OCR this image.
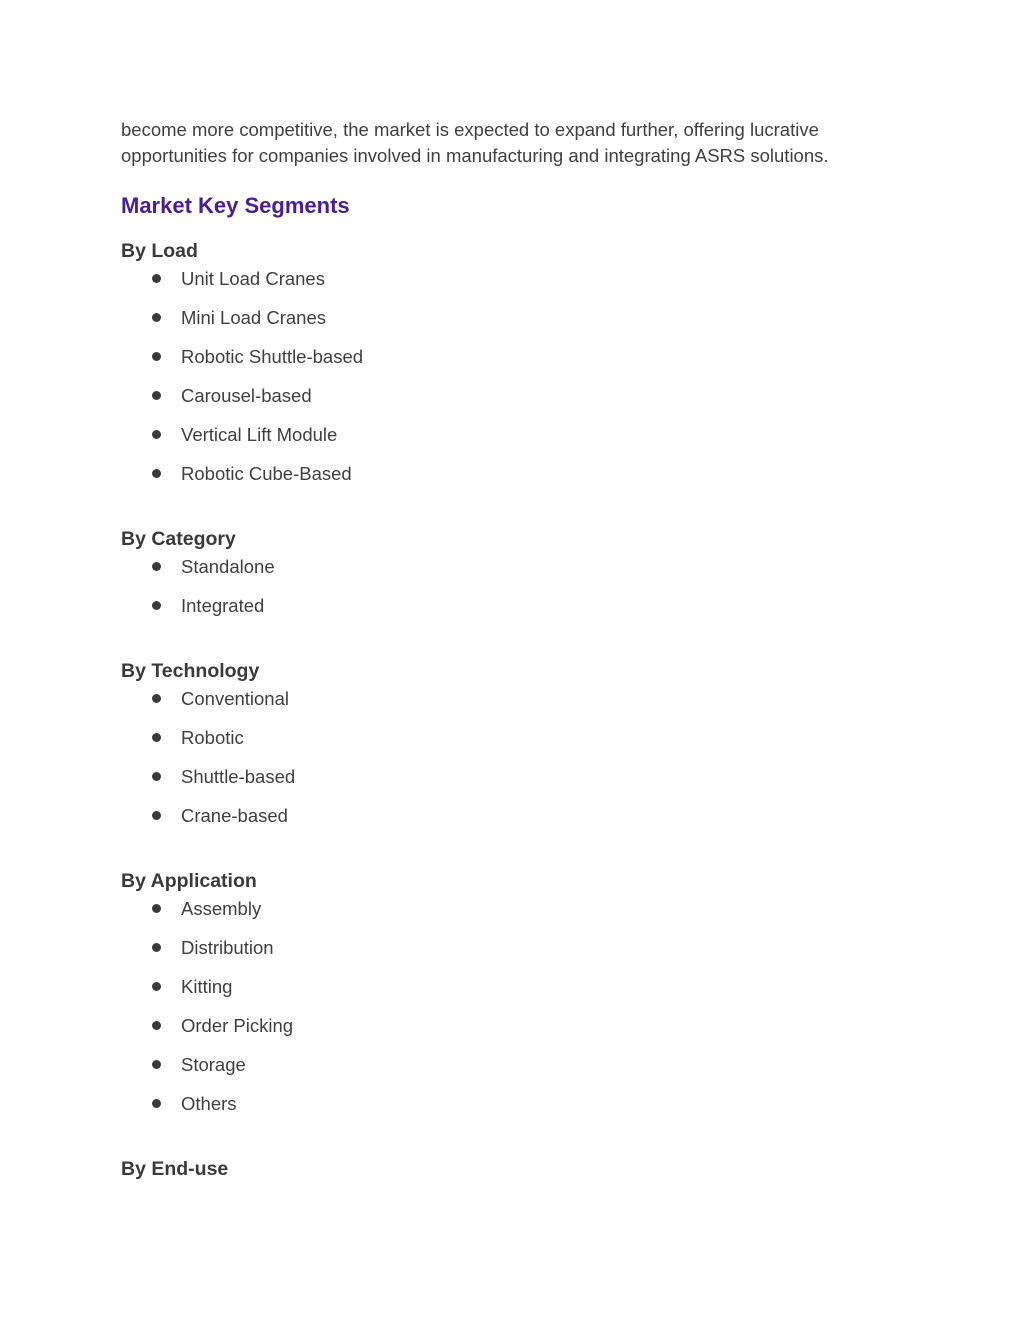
become more competitive, the market is expected to expand further, offering lucrative
opportunities for companies involved in manufacturing and integrating ASRS solutions.

Market Key Segments
By Load
Unit Load Cranes
Mini Load Cranes
Robotic Shuttle-based
Carousel-based
Vertical Lift Module
Robotic Cube-Based
By Category
Standalone
Integrated
By Technology
Conventional
Robotic
Shuttle-based
Crane-based
By Application
Assembly
Distribution
Kitting
Order Picking
Storage
Others
By End-use
